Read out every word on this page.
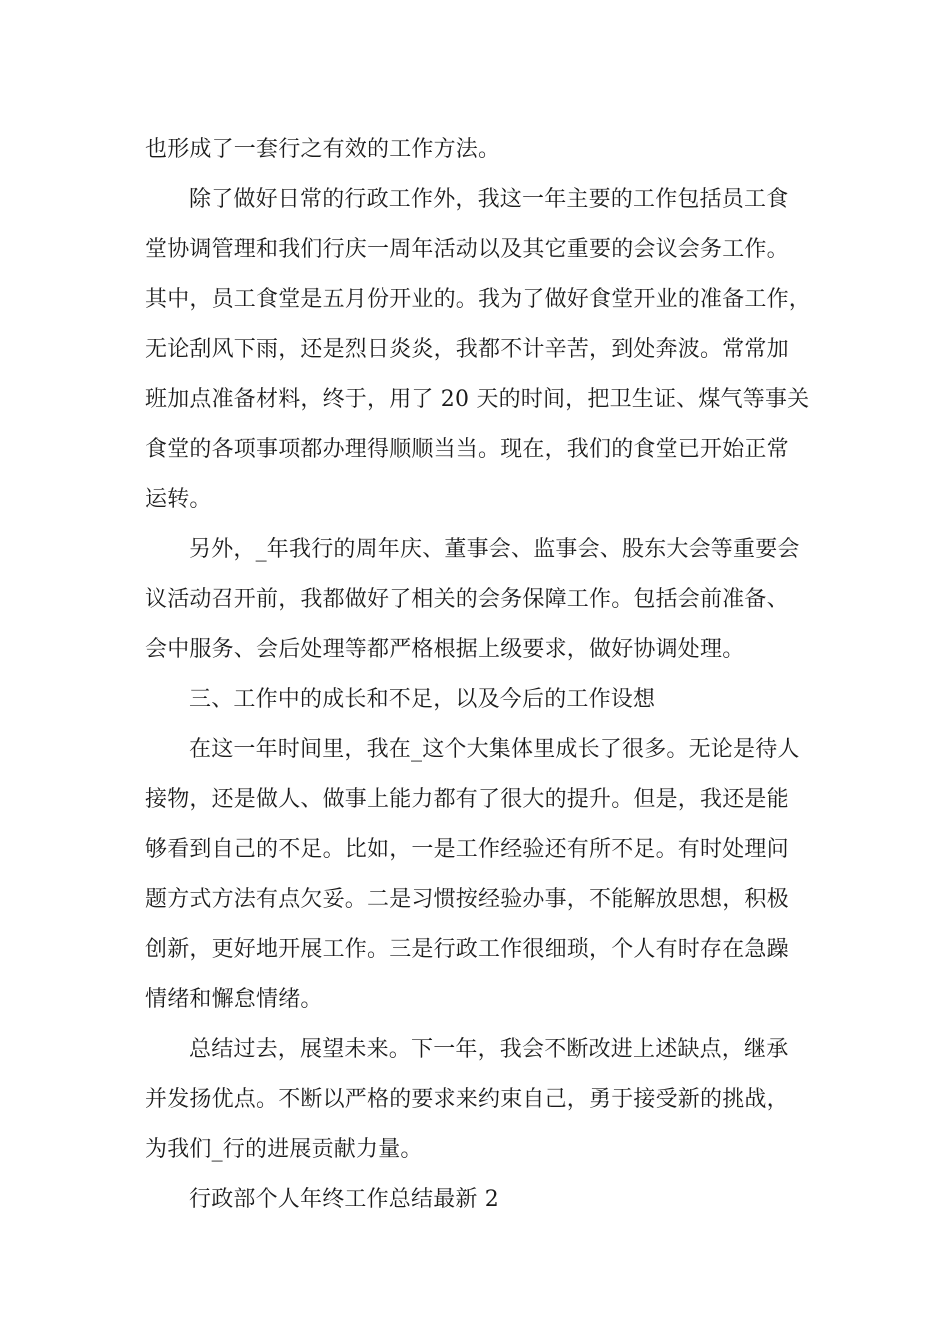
也形成了一套行之有效的工作方法。
除了做好日常的行政工作外，我这一年主要的工作包括员工食
堂协调管理和我们行庆一周年活动以及其它重要的会议会务工作。
其中，员工食堂是五月份开业的。我为了做好食堂开业的准备工作，
无论刮风下雨，还是烈日炎炎，我都不计辛苦，到处奔波。常常加
班加点准备材料，终于，用了 20 天的时间，把卫生证、煤气等事关
食堂的各项事项都办理得顺顺当当。现在，我们的食堂已开始正常
运转。
另外，_年我行的周年庆、董事会、监事会、股东大会等重要会
议活动召开前，我都做好了相关的会务保障工作。包括会前准备、
会中服务、会后处理等都严格根据上级要求，做好协调处理。
三、工作中的成长和不足，以及今后的工作设想
在这一年时间里，我在_这个大集体里成长了很多。无论是待人
接物，还是做人、做事上能力都有了很大的提升。但是，我还是能
够看到自己的不足。比如，一是工作经验还有所不足。有时处理问
题方式方法有点欠妥。二是习惯按经验办事，不能解放思想，积极
创新，更好地开展工作。三是行政工作很细琐，个人有时存在急躁
情绪和懈怠情绪。
总结过去，展望未来。下一年，我会不断改进上述缺点，继承
并发扬优点。不断以严格的要求来约束自己，勇于接受新的挑战，
为我们_行的进展贡献力量。
行政部个人年终工作总结最新 2
